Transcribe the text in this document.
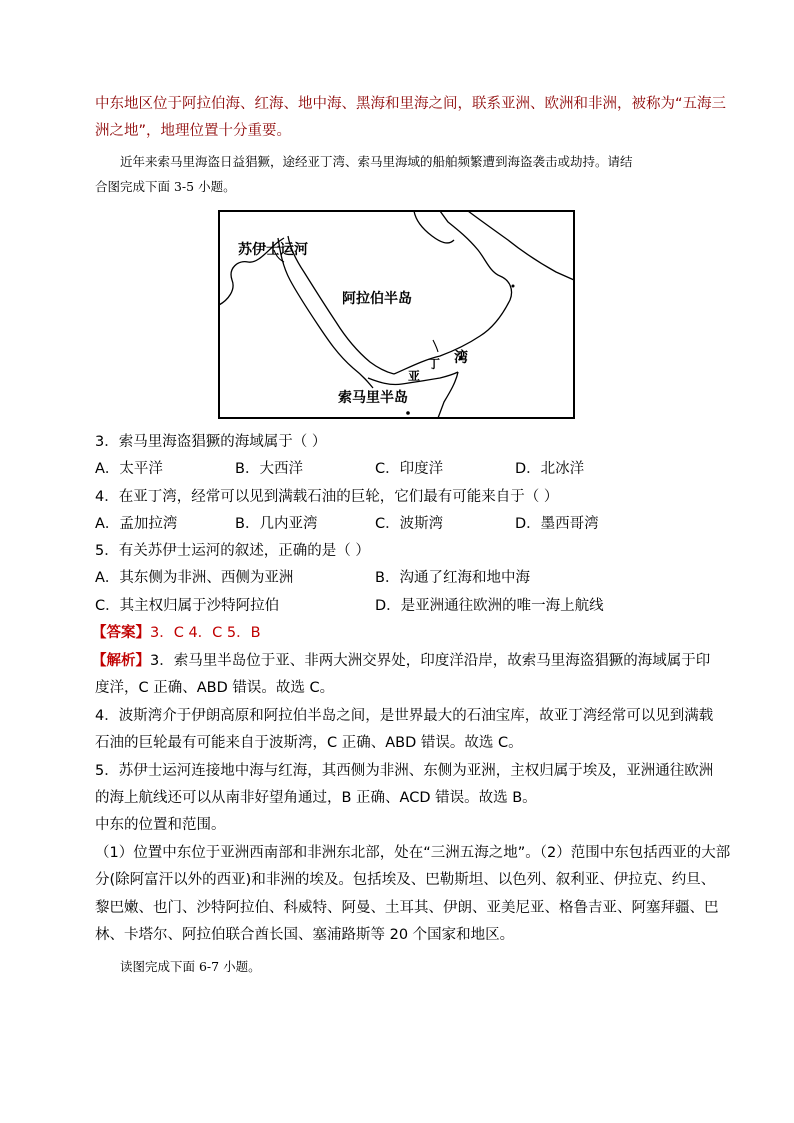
中东地区位于阿拉伯海、红海、地中海、黑海和里海之间，联系亚洲、欧洲和非洲，被称为“五海三
洲之地”，地理位置十分重要。
近年来索马里海盗日益猖獗，途经亚丁湾、索马里海域的船舶频繁遭到海盗袭击或劫持。请结
合图完成下面 3-5 小题。
苏伊士运河
阿拉伯半岛
湾
丁
亚
索马里半岛
3．索马里海盗猖獗的海域属于（ ）
A．太平洋	B．大西洋	C．印度洋	D．北冰洋
4．在亚丁湾，经常可以见到满载石油的巨轮，它们最有可能来自于（ ）
A．孟加拉湾	B．几内亚湾	C．波斯湾	D．墨西哥湾
5．有关苏伊士运河的叙述，正确的是（ ）
A．其东侧为非洲、西侧为亚洲	B．沟通了红海和地中海
C．其主权归属于沙特阿拉伯	D．是亚洲通往欧洲的唯一海上航线
【答案】3．C 4．C 5．B
【解析】3．索马里半岛位于亚、非两大洲交界处，印度洋沿岸，故索马里海盗猖獗的海域属于印
度洋，C 正确、ABD 错误。故选 C。
4．波斯湾介于伊朗高原和阿拉伯半岛之间，是世界最大的石油宝库，故亚丁湾经常可以见到满载
石油的巨轮最有可能来自于波斯湾，C 正确、ABD 错误。故选 C。
5．苏伊士运河连接地中海与红海，其西侧为非洲、东侧为亚洲，主权归属于埃及，亚洲通往欧洲
的海上航线还可以从南非好望角通过，B 正确、ACD 错误。故选 B。
中东的位置和范围。
（1）位置中东位于亚洲西南部和非洲东北部，处在“三洲五海之地”。（2）范围中东包括西亚的大部
分(除阿富汗以外的西亚)和非洲的埃及。包括埃及、巴勒斯坦、以色列、叙利亚、伊拉克、约旦、
黎巴嫩、也门、沙特阿拉伯、科威特、阿曼、土耳其、伊朗、亚美尼亚、格鲁吉亚、阿塞拜疆、巴
林、卡塔尔、阿拉伯联合酋长国、塞浦路斯等 20 个国家和地区。
读图完成下面 6-7 小题。
